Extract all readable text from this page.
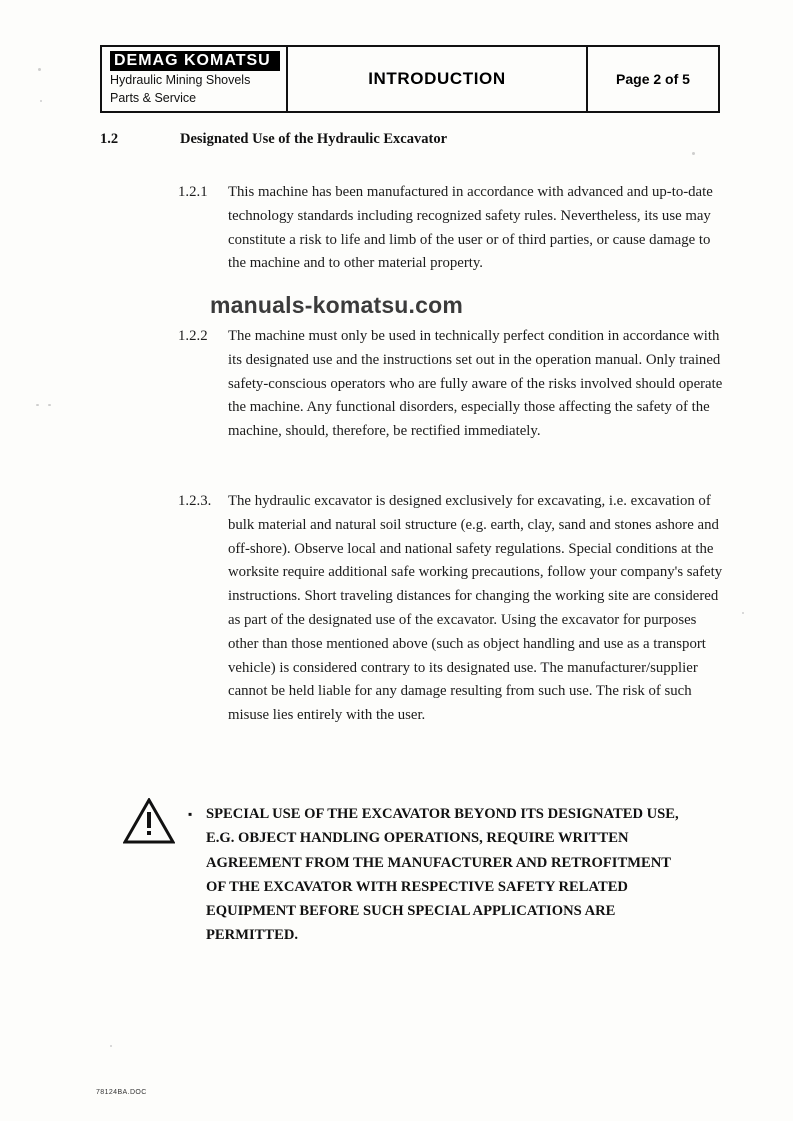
DEMAG KOMATSU
Hydraulic Mining Shovels
Parts & Service
INTRODUCTION	Page 2 of 5
1.2	Designated Use of the Hydraulic Excavator
1.2.1	This machine has been manufactured in accordance with advanced and up-to-date technology standards including recognized safety rules. Nevertheless, its use may constitute a risk to life and limb of the user or of third parties, or cause damage to the machine and to other material property.
manuals-komatsu.com
1.2.2	The machine must only be used in technically perfect condition in accordance with its designated use and the instructions set out in the operation manual. Only trained safety-conscious operators who are fully aware of the risks involved should operate the machine. Any functional disorders, especially those affecting the safety of the machine, should, therefore, be rectified immediately.
1.2.3.	The hydraulic excavator is designed exclusively for excavating, i.e. excavation of bulk material and natural soil structure (e.g. earth, clay, sand and stones ashore and off-shore). Observe local and national safety regulations. Special conditions at the worksite require additional safe working precautions, follow your company's safety instructions. Short traveling distances for changing the working site are considered as part of the designated use of the excavator. Using the excavator for purposes other than those mentioned above (such as object handling and use as a transport vehicle) is considered contrary to its designated use. The manufacturer/supplier cannot be held liable for any damage resulting from such use. The risk of such misuse lies entirely with the user.
▪ SPECIAL USE OF THE EXCAVATOR BEYOND ITS DESIGNATED USE, E.G. OBJECT HANDLING OPERATIONS, REQUIRE WRITTEN AGREEMENT FROM THE MANUFACTURER AND RETROFITMENT OF THE EXCAVATOR WITH RESPECTIVE SAFETY RELATED EQUIPMENT BEFORE SUCH SPECIAL APPLICATIONS ARE PERMITTED.
78124BA.DOC
